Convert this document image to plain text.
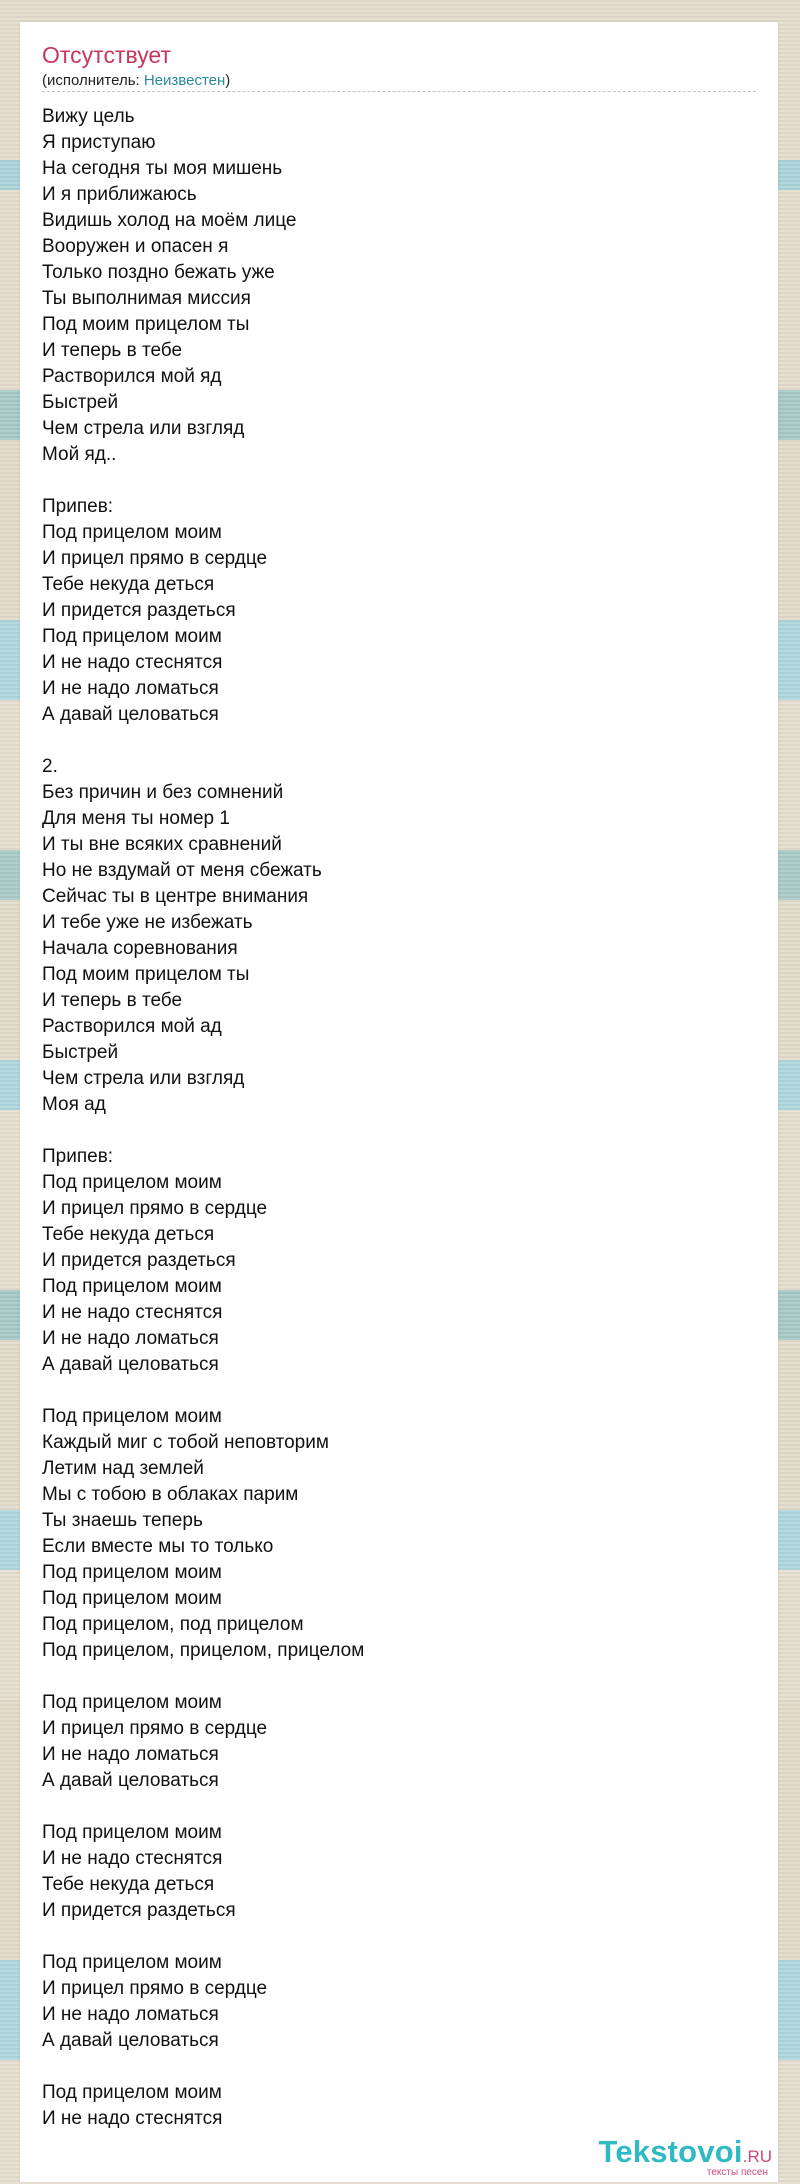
Отсутствует
(исполнитель: Неизвестен)
Вижу цель
Я приступаю
На сегодня ты моя мишень
И я приближаюсь
Видишь холод на моём лице
Вооружен и опасен я
Только поздно бежать уже
Ты выполнимая миссия
Под моим прицелом ты
И теперь в тебе
Растворился мой яд
Быстрей
Чем стрела или взгляд
Мой яд..

Припев:
Под прицелом моим
И прицел прямо в сердце
Тебе некуда деться
И придется раздеться
Под прицелом моим
И не надо стеснятся
И не надо ломаться
А давай целоваться

2.
Без причин и без сомнений
Для меня ты номер 1
И ты вне всяких сравнений
Но не вздумай от меня сбежать
Сейчас ты в центре внимания
И тебе уже не избежать
Начала соревнования
Под моим прицелом ты
И теперь в тебе
Растворился мой ад
Быстрей
Чем стрела или взгляд
Моя ад

Припев:
Под прицелом моим
И прицел прямо в сердце
Тебе некуда деться
И придется раздеться
Под прицелом моим
И не надо стеснятся
И не надо ломаться
А давай целоваться

Под прицелом моим
Каждый миг с тобой неповторим
Летим над землей
Мы с тобою в облаках парим
Ты знаешь теперь
Если вместе мы то только
Под прицелом моим
Под прицелом моим
Под прицелом, под прицелом
Под прицелом, прицелом, прицелом

Под прицелом моим
И прицел прямо в сердце
И не надо ломаться
А давай целоваться

Под прицелом моим
И не надо стеснятся
Тебе некуда деться
И придется раздеться

Под прицелом моим
И прицел прямо в сердце
И не надо ломаться
А давай целоваться

Под прицелом моим
И не надо стеснятся
Tekstovoi.RU
тексты песен
